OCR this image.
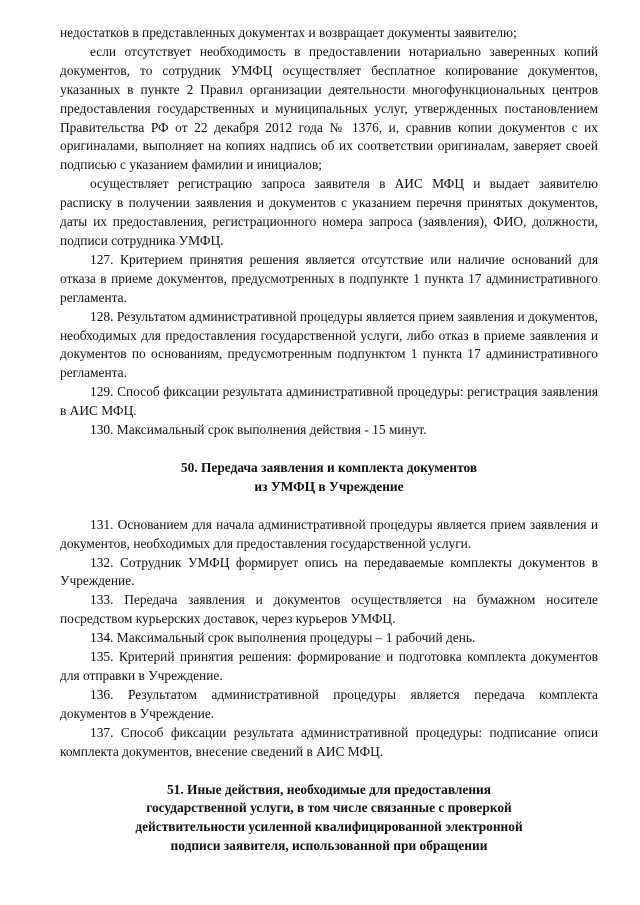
недостатков в представленных документах и возвращает документы заявителю;

если отсутствует необходимость в предоставлении нотариально заверенных копий документов, то сотрудник УМФЦ осуществляет бесплатное копирование документов, указанных в пункте 2 Правил организации деятельности многофункциональных центров предоставления государственных и муниципальных услуг, утвержденных постановлением Правительства РФ от 22 декабря 2012 года № 1376, и, сравнив копии документов с их оригиналами, выполняет на копиях надпись об их соответствии оригиналам, заверяет своей подписью с указанием фамилии и инициалов;

осуществляет регистрацию запроса заявителя в АИС МФЦ и выдает заявителю расписку в получении заявления и документов с указанием перечня принятых документов, даты их предоставления, регистрационного номера запроса (заявления), ФИО, должности, подписи сотрудника УМФЦ.

127. Критерием принятия решения является отсутствие или наличие оснований для отказа в приеме документов, предусмотренных в подпункте 1 пункта 17 административного регламента.

128. Результатом административной процедуры является прием заявления и документов, необходимых для предоставления государственной услуги, либо отказ в приеме заявления и документов по основаниям, предусмотренным подпунктом 1 пункта 17 административного регламента.

129. Способ фиксации результата административной процедуры: регистрация заявления в АИС МФЦ.

130. Максимальный срок выполнения действия - 15 минут.

50. Передача заявления и комплекта документов

из УМФЦ в Учреждение

131. Основанием для начала административной процедуры является прием заявления и документов, необходимых для предоставления государственной услуги.

132. Сотрудник УМФЦ формирует опись на передаваемые комплекты документов в Учреждение.

133. Передача заявления и документов осуществляется на бумажном носителе посредством курьерских доставок, через курьеров УМФЦ.

134. Максимальный срок выполнения процедуры – 1 рабочий день.

135. Критерий принятия решения: формирование и подготовка комплекта документов для отправки в Учреждение.

136. Результатом административной процедуры является передача комплекта документов в Учреждение.

137. Способ фиксации результата административной процедуры: подписание описи комплекта документов, внесение сведений в АИС МФЦ.

51. Иные действия, необходимые для предоставления

государственной услуги, в том числе связанные с проверкой

действительности усиленной квалифицированной электронной

подписи заявителя, использованной при обращении
